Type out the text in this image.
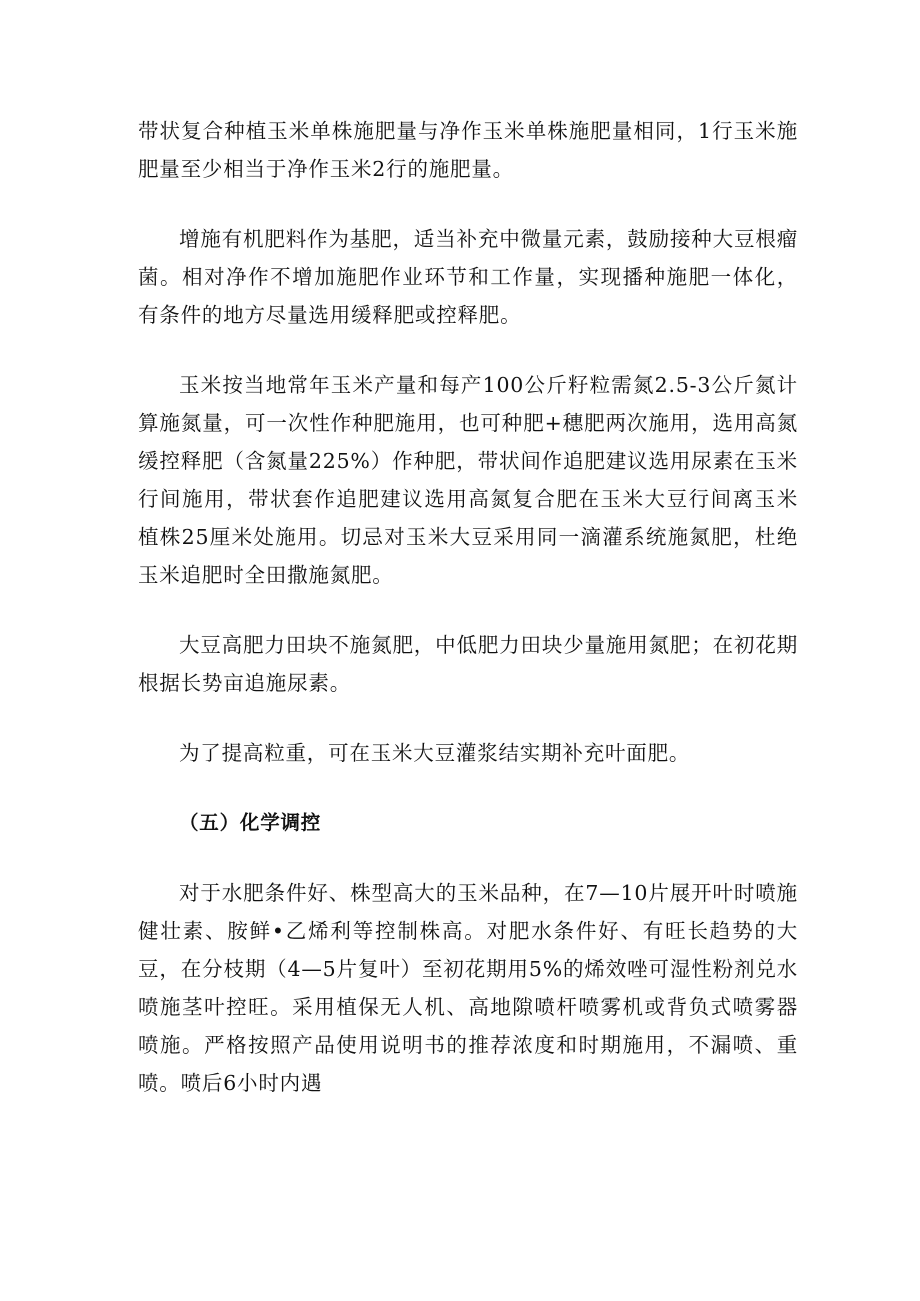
带状复合种植玉米单株施肥量与净作玉米单株施肥量相同，1行玉米施肥量至少相当于净作玉米2行的施肥量。

增施有机肥料作为基肥，适当补充中微量元素，鼓励接种大豆根瘤菌。相对净作不增加施肥作业环节和工作量，实现播种施肥一体化，有条件的地方尽量选用缓释肥或控释肥。

玉米按当地常年玉米产量和每产100公斤籽粒需氮2.5-3公斤氮计算施氮量，可一次性作种肥施用，也可种肥+穗肥两次施用，选用高氮缓控释肥（含氮量225%）作种肥，带状间作追肥建议选用尿素在玉米行间施用，带状套作追肥建议选用高氮复合肥在玉米大豆行间离玉米植株25厘米处施用。切忌对玉米大豆采用同一滴灌系统施氮肥，杜绝玉米追肥时全田撒施氮肥。

大豆高肥力田块不施氮肥，中低肥力田块少量施用氮肥；在初花期根据长势亩追施尿素。

为了提高粒重，可在玉米大豆灌浆结实期补充叶面肥。

（五）化学调控

对于水肥条件好、株型高大的玉米品种，在7—10片展开叶时喷施健壮素、胺鲜•乙烯利等控制株高。对肥水条件好、有旺长趋势的大豆，在分枝期（4—5片复叶）至初花期用5%的烯效唑可湿性粉剂兑水喷施茎叶控旺。采用植保无人机、高地隙喷杆喷雾机或背负式喷雾器喷施。严格按照产品使用说明书的推荐浓度和时期施用，不漏喷、重喷。喷后6小时内遇
